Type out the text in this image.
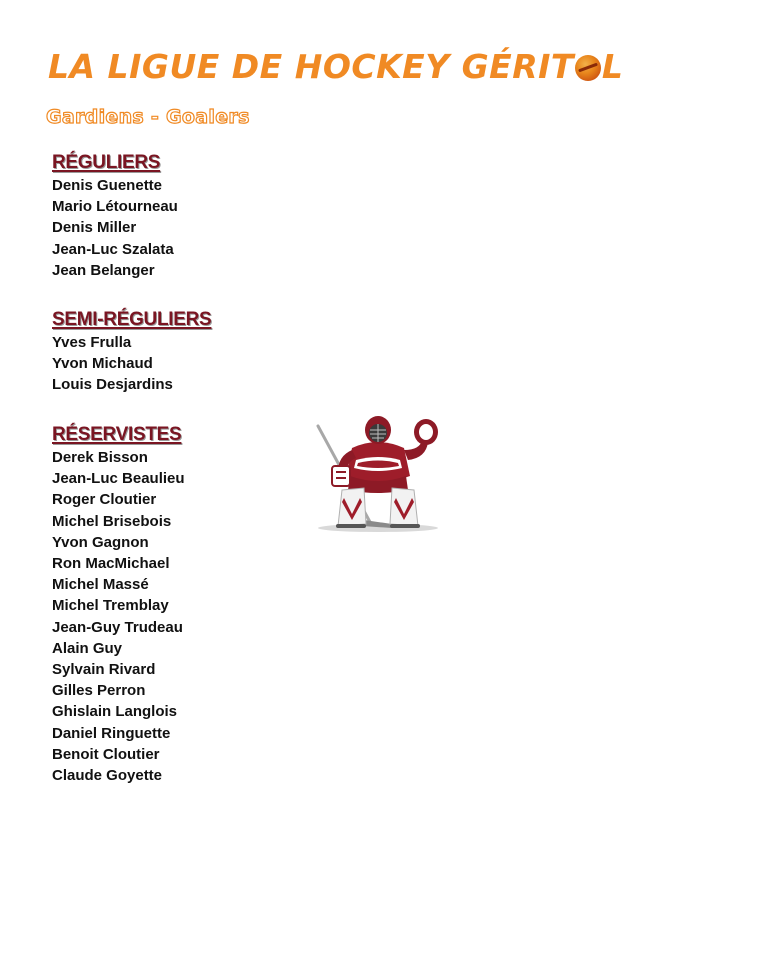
LA LIGUE DE HOCKEY GÉRIT L
Gardiens - Goalers
RÉGULIERS
Denis Guenette
Mario Létourneau
Denis Miller
Jean-Luc Szalata
Jean Belanger
SEMI-RÉGULIERS
Yves Frulla
Yvon Michaud
Louis Desjardins
RÉSERVISTES
Derek Bisson
Jean-Luc Beaulieu
Roger Cloutier
Michel Brisebois
Yvon Gagnon
Ron MacMichael
Michel Massé
Michel Tremblay
Jean-Guy Trudeau
Alain Guy
Sylvain Rivard
Gilles Perron
Ghislain Langlois
Daniel Ringuette
Benoit Cloutier
Claude Goyette
